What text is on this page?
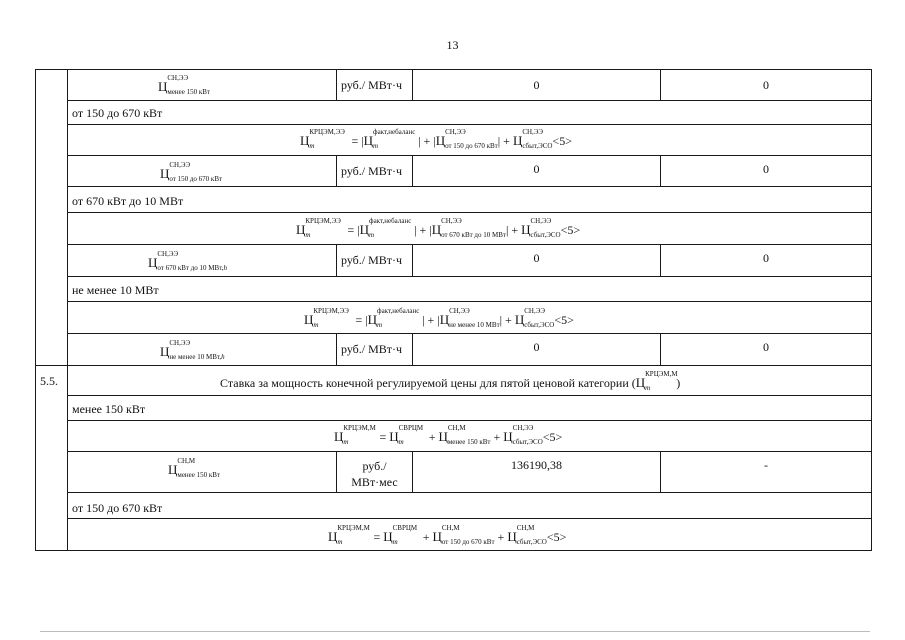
13
Ц
СН,ЭЭ
$_{менее 150 кВт}$	руб./ МВт·ч	0	0
от 150 до 670 кВт
Ц
КРЦЭМ,ЭЭ
$_m$	= |Ц
факт,небаланс
$_m$	| + |Ц
СН,ЭЭ
$_{от 150 до 670 кВт}$| + Ц
СН,ЭЭ
$_{сбыт,ЭСО}$<5>
Ц
СН,ЭЭ
$_{от 150 до 670 кВт}$
руб./ МВт·ч	0	0
от 670 кВт до 10 МВт
Ц
КРЦЭМ,ЭЭ
$_m$	= |Ц
факт,небаланс
$_m$	| + |Ц
СН,ЭЭ
$_{от 670 кВт до 10 МВт}$| + Ц
СН,ЭЭ
$_{сбыт,ЭСО}$<5>
Ц
СН,ЭЭ
$_{от 670 кВт до 10 МВт,h}$
руб./ МВт·ч	0	0
не менее 10 МВт
Ц
КРЦЭМ,ЭЭ
$_m$	= |Ц
факт,небаланс
$_m$	| + |Ц
СН,ЭЭ
$_{не менее 10 МВт}$| + Ц
СН,ЭЭ
$_{сбыт,ЭСО}$<5>
Ц
СН,ЭЭ
$_{не менее 10 МВт,h}$
руб./ МВт·ч	0	0
5.5.	Ставка за мощность конечной регулируемой цены для пятой ценовой категории (Ц
КРЦЭМ,М
$_m$ )
менее 150 кВт
Ц
КРЦЭМ,М
$_m$	= Ц
СВРЦМ
$_m$ + Ц
СН,М
$_{менее 150 кВт}$ + Ц
СН,ЭЭ
$_{сбыт,ЭСО}$<5>
Ц
СН,М
$_{менее 150 кВт}$
руб./
МВт·мес
136190,38	-
от 150 до 670 кВт
Ц
КРЦЭМ,М
$_m$	= Ц
СВРЦМ
$_m$ + Ц
СН,М
$_{от 150 до 670 кВт}$ + Ц
СН,М
$_{сбыт,ЭСО}$<5>
